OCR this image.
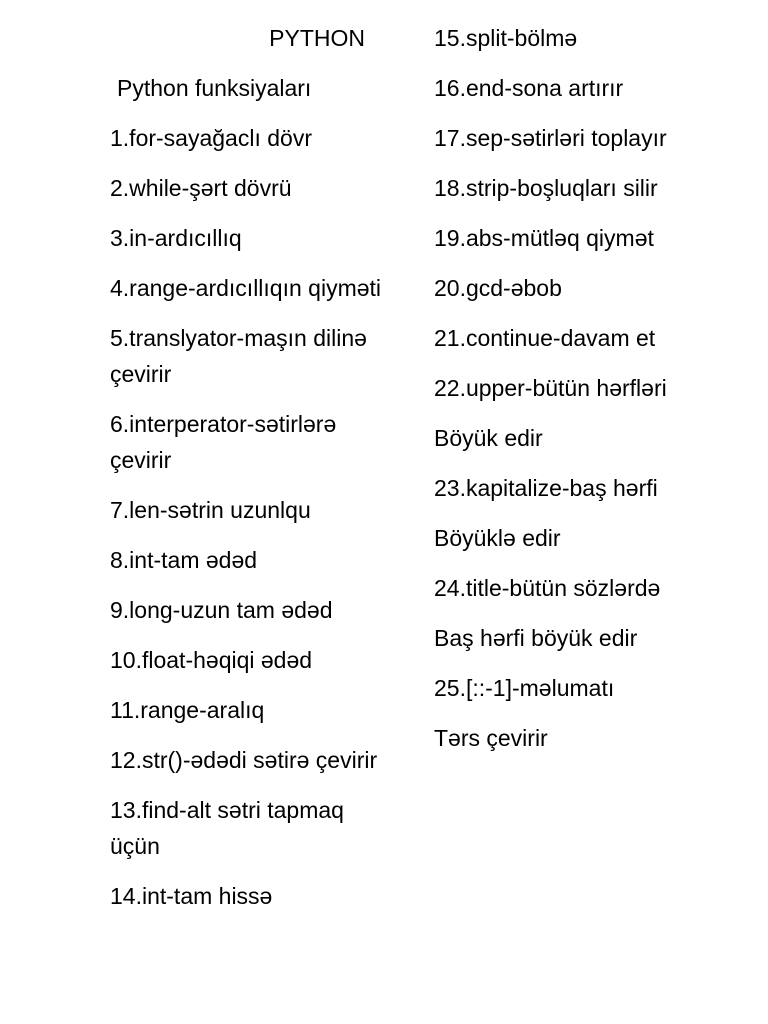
PYTHON
Python funksiyaları
1.for-sayağaclı dövr
2.while-şərt dövrü
3.in-ardıcıllıq
4.range-ardıcıllıqın qiyməti
5.translyator-maşın dilinə çevirir
6.interperator-sətirlərə çevirir
7.len-sətrin uzunlqu
8.int-tam ədəd
9.long-uzun tam ədəd
10.float-həqiqi ədəd
11.range-aralıq
12.str()-ədədi sətirə çevirir
13.find-alt sətri tapmaq üçün
14.int-tam hissə
15.split-bölmə
16.end-sona artırır
17.sep-sətirləri toplayır
18.strip-boşluqları silir
19.abs-mütləq qiymət
20.gcd-əbob
21.continue-davam et
22.upper-bütün hərfləri
Böyük edir
23.kapitalize-baş hərfi
Böyüklə edir
24.title-bütün sözlərdə
Baş hərfi böyük edir
25.[::-1]-məlumatı
Tərs çevirir
